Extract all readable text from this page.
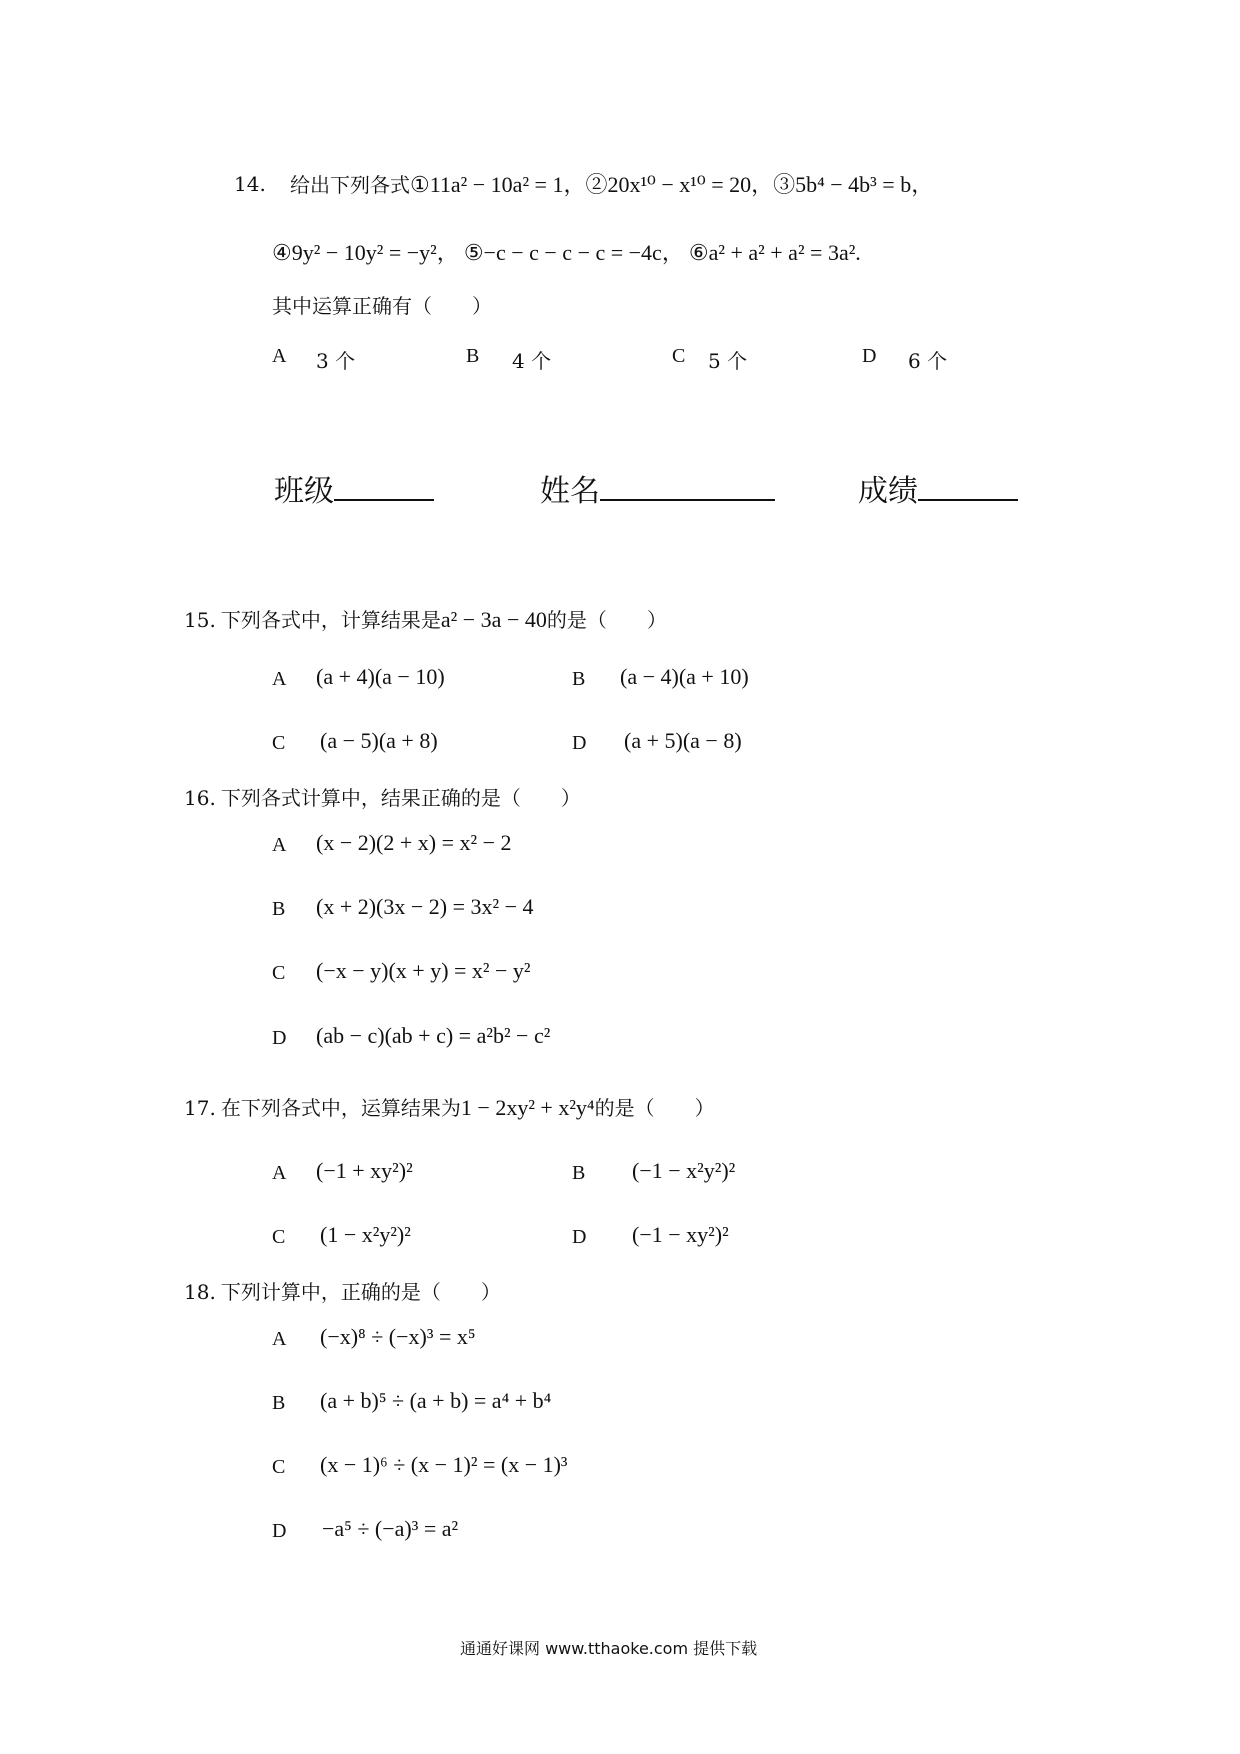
14. 给出下列各式①11a² − 10a² = 1，②20x¹⁰ − x¹⁰ = 20，③5b⁴ − 4b³ = b，
④9y² − 10y² = −y²， ⑤−c − c − c − c = −4c， ⑥a² + a² + a² = 3a².
其中运算正确有（　　）
A 3 个	B 4 个	C 5 个	D 6 个
班级	姓名	成绩
15. 下列各式中，计算结果是a² − 3a − 40的是（　　）
A (a + 4)(a − 10)	B (a − 4)(a + 10)
C (a − 5)(a + 8)	D (a + 5)(a − 8)
16. 下列各式计算中，结果正确的是（　　）
A (x − 2)(2 + x) = x² − 2
B (x + 2)(3x − 2) = 3x² − 4
C (−x − y)(x + y) = x² − y²
D (ab − c)(ab + c) = a²b² − c²
17. 在下列各式中，运算结果为1 − 2xy² + x²y⁴的是（　　）
A (−1 + xy²)²	B (−1 − x²y²)²
C (1 − x²y²)²	D (−1 − xy²)²
18. 下列计算中，正确的是（　　）
A (−x)⁸ ÷ (−x)³ = x⁵
B (a + b)⁵ ÷ (a + b) = a⁴ + b⁴
C (x − 1)⁶ ÷ (x − 1)² = (x − 1)³
D −a⁵ ÷ (−a)³ = a²
通通好课网 www.tthaoke.com 提供下载
